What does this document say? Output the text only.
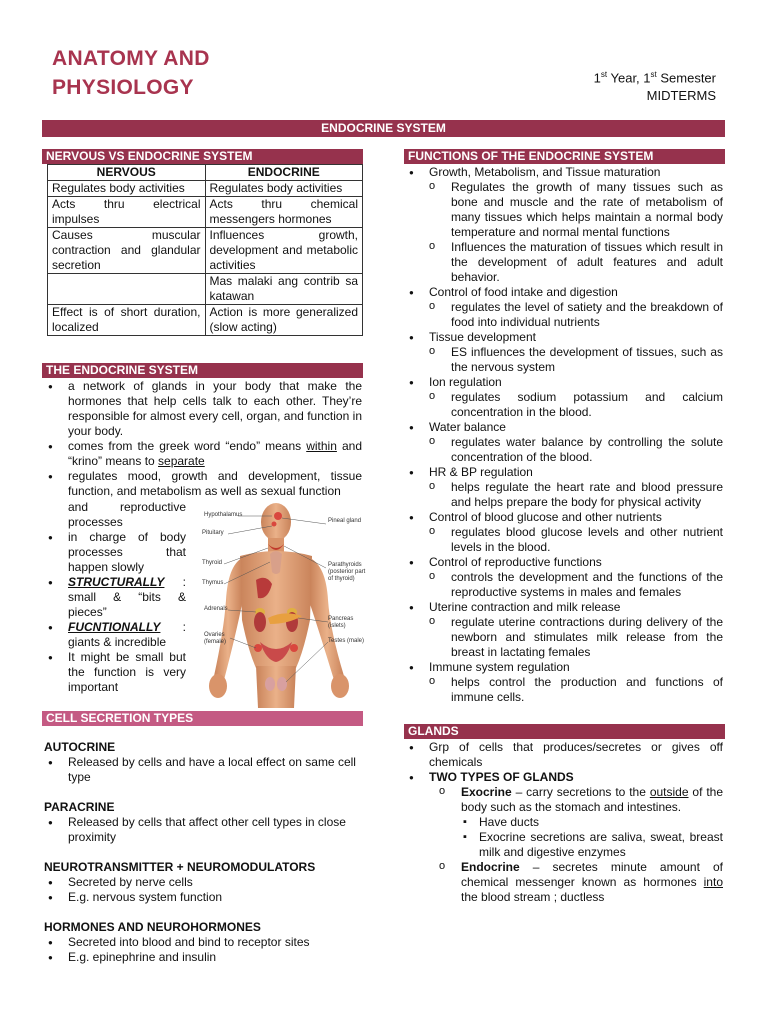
ANATOMY AND
PHYSIOLOGY	1st Year, 1st Semester
MIDTERMS
ENDOCRINE SYSTEM
NERVOUS VS ENDOCRINE SYSTEM
NERVOUS	ENDOCRINE
Regulates body activities	Regulates body activities
Acts thru electrical impulses	Acts thru chemical messengers hormones
Causes muscular contraction and glandular secretion	Influences growth, development and metabolic activities
	Mas malaki ang contrib sa katawan
Effect is of short duration, localized	Action is more generalized (slow acting)
THE ENDOCRINE SYSTEM
● a network of glands in your body that make the hormones that help cells talk to each other. They’re responsible for almost every cell, organ, and function in your body.
● comes from the greek word “endo” means within and “krino” means to separate
● regulates mood, growth and development, tissue function, and metabolism as well as sexual function
and reproductive processes
● in charge of body processes that happen slowly
● STRUCTURALLY : small & “bits & pieces”
● FUCNTIONALLY : giants & incredible
● It might be small but the function is very important
Hypothalamus
Pituitary
Thyroid
Thymus
Adrenals
Ovaries (female)
Pineal gland
Parathyroids (posterior part of thyroid)
Pancreas (islets)
Testes (male)
CELL SECRETION TYPES
AUTOCRINE
● Released by cells and have a local effect on same cell type
PARACRINE
● Released by cells that affect other cell types in close proximity
NEUROTRANSMITTER + NEUROMODULATORS
● Secreted by nerve cells
● E.g. nervous system function
HORMONES AND NEUROHORMONES
● Secreted into blood and bind to receptor sites
● E.g. epinephrine and insulin
FUNCTIONS OF THE ENDOCRINE SYSTEM
● Growth, Metabolism, and Tissue maturation
o Regulates the growth of many tissues such as bone and muscle and the rate of metabolism of many tissues which helps maintain a normal body temperature and normal mental functions
o Influences the maturation of tissues which result in the development of adult features and adult behavior.
● Control of food intake and digestion
o regulates the level of satiety and the breakdown of food into individual nutrients
● Tissue development
o ES influences the development of tissues, such as the nervous system
● Ion regulation
o regulates sodium potassium and calcium concentration in the blood.
● Water balance
o regulates water balance by controlling the solute concentration of the blood.
● HR & BP regulation
o helps regulate the heart rate and blood pressure and helps prepare the body for physical activity
● Control of blood glucose and other nutrients
o regulates blood glucose levels and other nutrient levels in the blood.
● Control of reproductive functions
o controls the development and the functions of the reproductive systems in males and females
● Uterine contraction and milk release
o regulate uterine contractions during delivery of the newborn and stimulates milk release from the breast in lactating females
● Immune system regulation
o helps control the production and functions of immune cells.
GLANDS
● Grp of cells that produces/secretes or gives off chemicals
● TWO TYPES OF GLANDS
o Exocrine – carry secretions to the outside of the body such as the stomach and intestines.
▪ Have ducts
▪ Exocrine secretions are saliva, sweat, breast milk and digestive enzymes
o Endocrine – secretes minute amount of chemical messenger known as hormones into the blood stream ; ductless
